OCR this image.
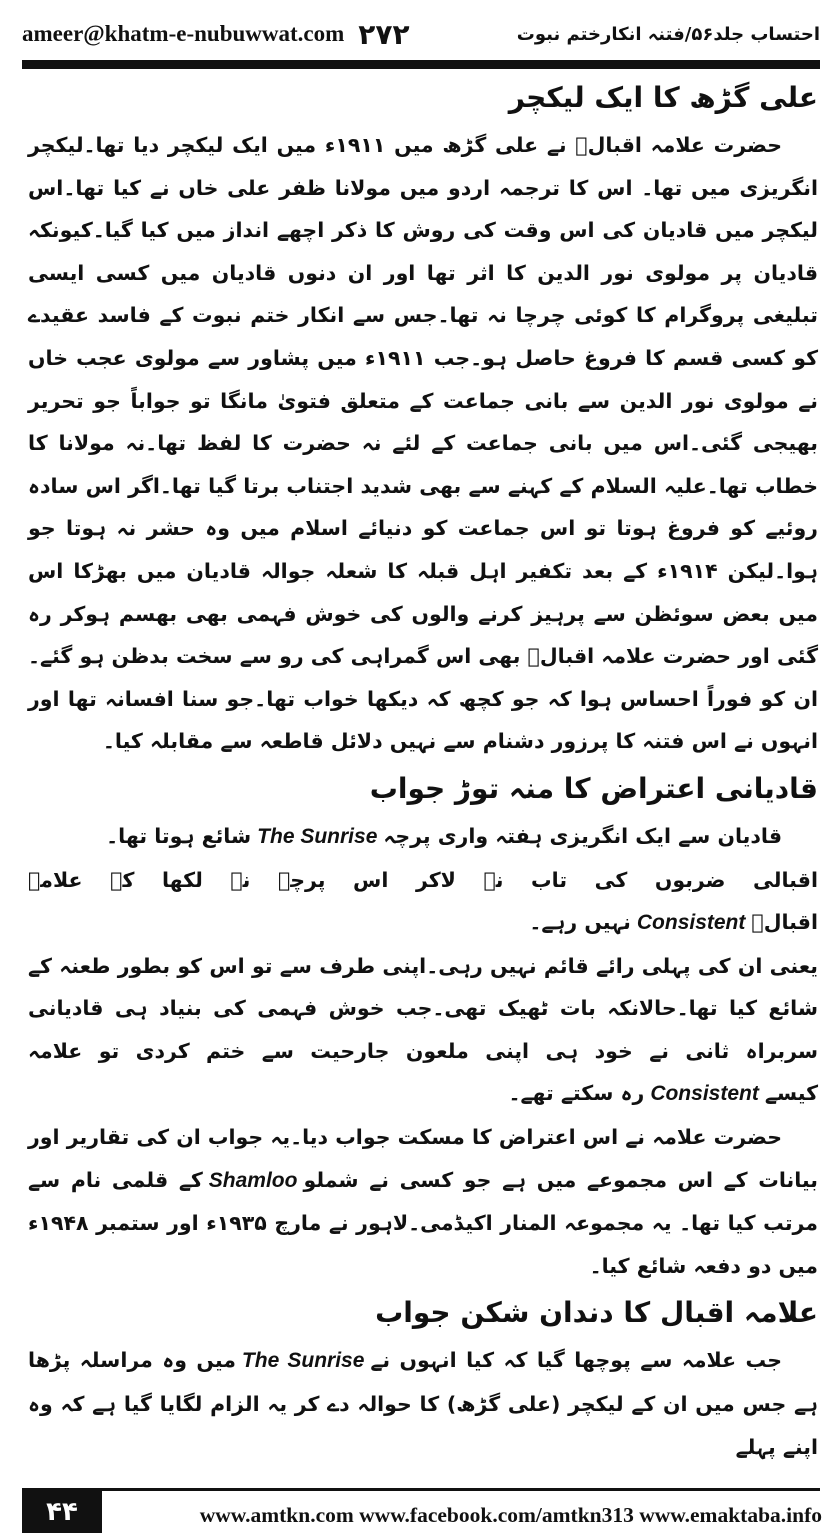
ameer@khatm-e-nubuwwat.com ۲۷۲	احتساب جلد۵۶/فتنہ انکارختم نبوت
علی گڑھ کا ایک لیکچر

حضرت علامہ اقبالؒ نے علی گڑھ میں ۱۹۱۱ء میں ایک لیکچر دیا تھا۔لیکچر انگریزی میں تھا۔ اس کا ترجمہ اردو میں مولانا ظفر علی خاں نے کیا تھا۔اس لیکچر میں قادیان کی اس وقت کی روش کا ذکر اچھے انداز میں کیا گیا۔کیونکہ قادیان پر مولوی نور الدین کا اثر تھا اور ان دنوں قادیان میں کسی ایسی تبلیغی پروگرام کا کوئی چرچا نہ تھا۔جس سے انکار ختم نبوت کے فاسد عقیدے کو کسی قسم کا فروغ حاصل ہو۔جب ۱۹۱۱ء میں پشاور سے مولوی عجب خاں نے مولوی نور الدین سے بانی جماعت کے متعلق فتویٰ مانگا تو جواباً جو تحریر بھیجی گئی۔اس میں بانی جماعت کے لئے نہ حضرت کا لفظ تھا۔نہ مولانا کا خطاب تھا۔علیہ السلام کے کہنے سے بھی شدید اجتناب برتا گیا تھا۔اگر اس سادہ روئیے کو فروغ ہوتا تو اس جماعت کو دنیائے اسلام میں وہ حشر نہ ہوتا جو ہوا۔لیکن ۱۹۱۴ء کے بعد تکفیر اہل قبلہ کا شعلہ جوالہ قادیان میں بھڑکا اس میں بعض سوئظن سے پرہیز کرنے والوں کی خوش فہمی بھی بھسم ہوکر رہ گئی اور حضرت علامہ اقبالؒ بھی اس گمراہی کی رو سے سخت بدظن ہو گئے۔ان کو فوراً احساس ہوا کہ جو کچھ کہ دیکھا خواب تھا۔جو سنا افسانہ تھا اور انہوں نے اس فتنہ کا پرزور دشنام سے نہیں دلائل قاطعہ سے مقابلہ کیا۔

قادیانی اعتراض کا منہ توڑ جواب

قادیان سے ایک انگریزی ہفتہ واری پرچہThe Sunriseشائع ہوتا تھا۔

اقبالی ضربوں کی تاب نہ لاکر اس پرچہ نے لکھا کہ علامہ اقبالؒConsistentنہیں رہے۔

یعنی ان کی پہلی رائے قائم نہیں رہی۔اپنی طرف سے تو اس کو بطور طعنہ کے شائع کیا تھا۔حالانکہ بات ٹھیک تھی۔جب خوش فہمی کی بنیاد ہی قادیانی سربراہ ثانی نے خود ہی اپنی ملعون جارحیت سے ختم کردی تو علامہ کیسےConsistentرہ سکتے تھے۔

حضرت علامہ نے اس اعتراض کا مسکت جواب دیا۔یہ جواب ان کی تقاریر اور بیانات کے اس مجموعے میں ہے جو کسی نے شملوShamlooکے قلمی نام سے مرتب کیا تھا۔ یہ مجموعہ المنار اکیڈمی۔لاہور نے مارچ ۱۹۳۵ء اور ستمبر ۱۹۴۸ء میں دو دفعہ شائع کیا۔

علامہ اقبال کا دندان شکن جواب

جب علامہ سے پوچھا گیا کہ کیا انہوں نےThe Sunriseمیں وہ مراسلہ پڑھا ہے جس میں ان کے لیکچر (علی گڑھ) کا حوالہ دے کر یہ الزام لگایا گیا ہے کہ وہ اپنے پہلے

۴۴	www.amtkn.com www.facebook.com/amtkn313 www.emaktaba.info
